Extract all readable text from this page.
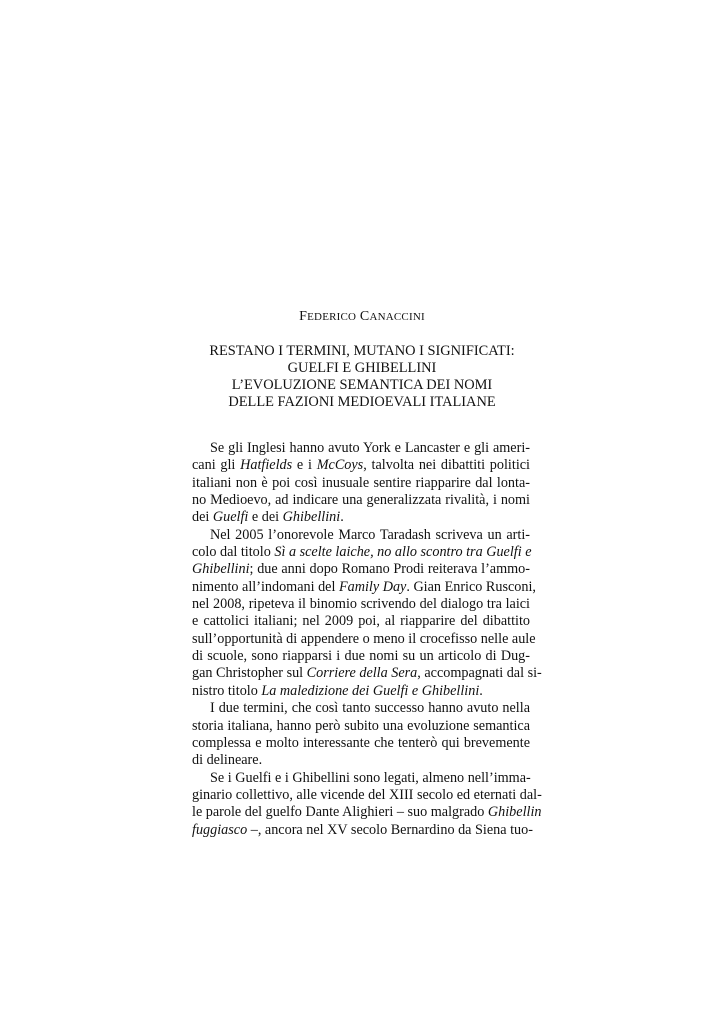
FEDERICO CANACCINI
RESTANO I TERMINI, MUTANO I SIGNIFICATI:
GUELFI E GHIBELLINI
L’EVOLUZIONE SEMANTICA DEI NOMI
DELLE FAZIONI MEDIOEVALI ITALIANE
Se gli Inglesi hanno avuto York e Lancaster e gli ameri-
cani gli Hatfields e i McCoys, talvolta nei dibattiti politici
italiani non è poi così inusuale sentire riapparire dal lonta-
no Medioevo, ad indicare una generalizzata rivalità, i nomi
dei Guelfi e dei Ghibellini.
Nel 2005 l’onorevole Marco Taradash scriveva un arti-
colo dal titolo Sì a scelte laiche, no allo scontro tra Guelfi e
Ghibellini; due anni dopo Romano Prodi reiterava l’ammo-
nimento all’indomani del Family Day. Gian Enrico Rusconi,
nel 2008, ripeteva il binomio scrivendo del dialogo tra laici
e cattolici italiani; nel 2009 poi, al riapparire del dibattito
sull’opportunità di appendere o meno il crocefisso nelle aule
di scuole, sono riapparsi i due nomi su un articolo di Dug-
gan Christopher sul Corriere della Sera, accompagnati dal si-
nistro titolo La maledizione dei Guelfi e Ghibellini.
I due termini, che così tanto successo hanno avuto nella
storia italiana, hanno però subito una evoluzione semantica
complessa e molto interessante che tenterò qui brevemente
di delineare.
Se i Guelfi e i Ghibellini sono legati, almeno nell’imma-
ginario collettivo, alle vicende del XIII secolo ed eternati dal-
le parole del guelfo Dante Alighieri – suo malgrado Ghibellin
fuggiasco –, ancora nel XV secolo Bernardino da Siena tuo-
